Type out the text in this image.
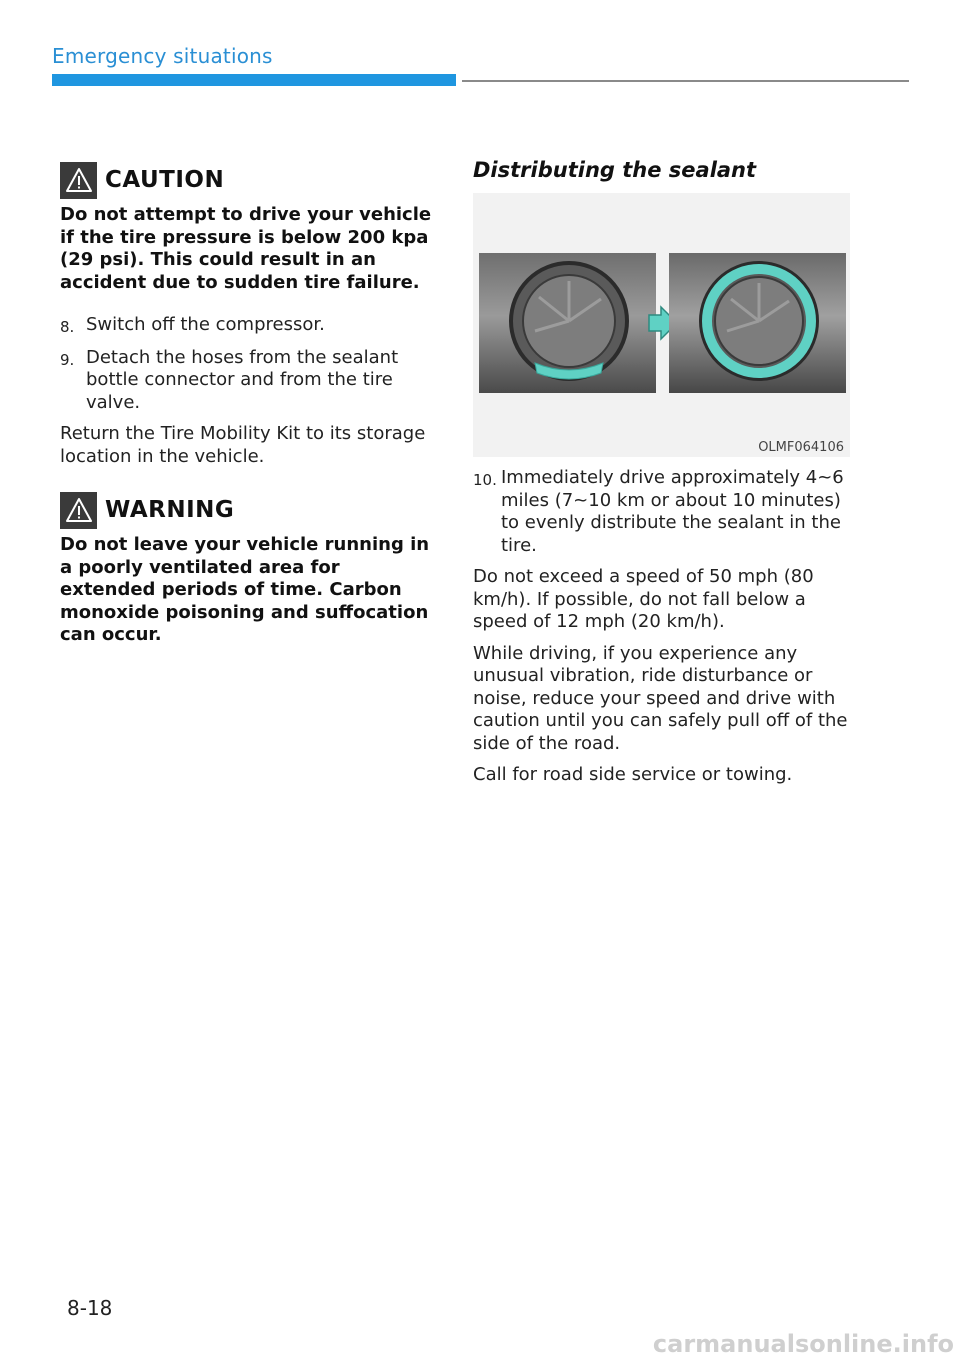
Emergency situations
CAUTION
Do not attempt to drive your vehicle if the tire pressure is below 200 kpa (29 psi). This could result in an accident due to sudden tire failure.
8. Switch off the compressor.
9. Detach the hoses from the sealant bottle connector and from the tire valve.
Return the Tire Mobility Kit to its storage location in the vehicle.
WARNING
Do not leave your vehicle running in a poorly ventilated area for extended periods of time. Carbon monoxide poisoning and suffocation can occur.
Distributing the sealant
OLMF064106
10. Immediately drive approximately 4~6 miles (7~10 km or about 10 minutes) to evenly distribute the sealant in the tire.
Do not exceed a speed of 50 mph (80 km/h). If possible, do not fall below a speed of 12 mph (20 km/h).
While driving, if you experience any unusual vibration, ride disturbance or noise, reduce your speed and drive with caution until you can safely pull off of the side of the road.
Call for road side service or towing.
8-18
carmanualsonline.info
